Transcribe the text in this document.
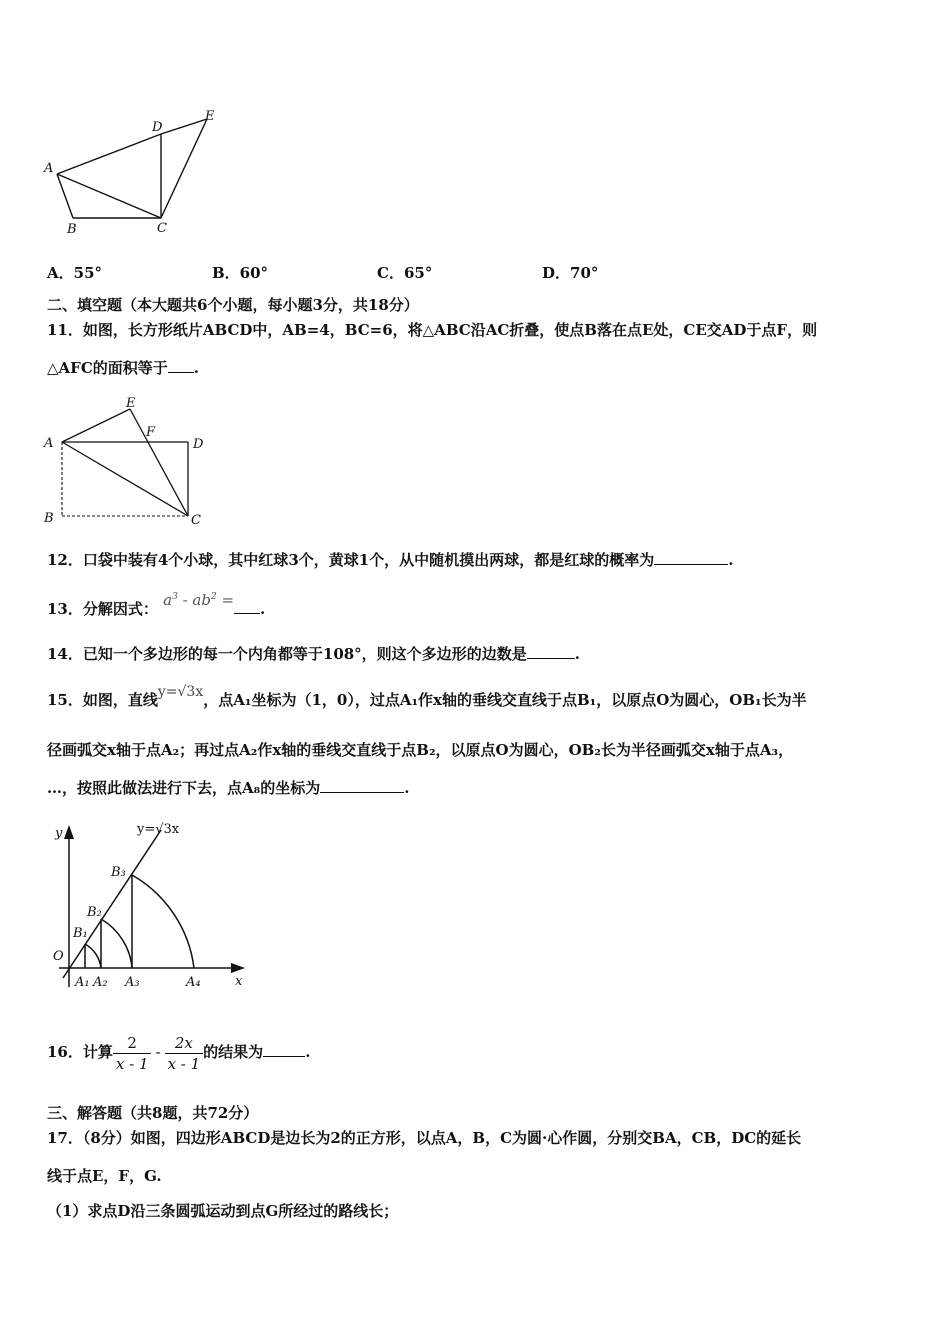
A
B	C
D
E
A．55°	B．60°	C．65°	D．70°
二、填空题（本大题共6个小题，每小题3分，共18分）
11．如图，长方形纸片ABCD中，AB=4，BC=6，将△ABC沿AC折叠，使点B落在点E处，CE交AD于点F，则
△AFC的面积等于 .
A
B	C
D
E
F
12．口袋中装有4个小球，其中红球3个，黄球1个，从中随机摸出两球，都是红球的概率为	.
13．分解因式： $a^3 - ab^2$ = .
14．已知一个多边形的每一个内角都等于108°，则这个多边形的边数是	.
15．如图，直线y=√3x，点A₁坐标为（1，0），过点A₁作x轴的垂线交直线于点B₁，以原点O为圆心，OB₁长为半
径画弧交x轴于点A₂；再过点A₂作x轴的垂线交直线于点B₂，以原点O为圆心，OB₂长为半径画弧交x轴于点A₃，
…，按照此做法进行下去，点A₈的坐标为	.
y=√3x
y
x
O
B₁
B₂
B₃
A₁ A₂ A₃	A₄
16．计算 $\frac{2}{x - 1} - \frac{2x}{x - 1}$ 的结果为	.
三、解答题（共8题，共72分）
17．（8分）如图，四边形ABCD是边长为2的正方形，以点A，B，C为圆·心作圆，分别交BA，CB，DC的延长
线于点E，F，G.
（1）求点D沿三条圆弧运动到点G所经过的路线长；
